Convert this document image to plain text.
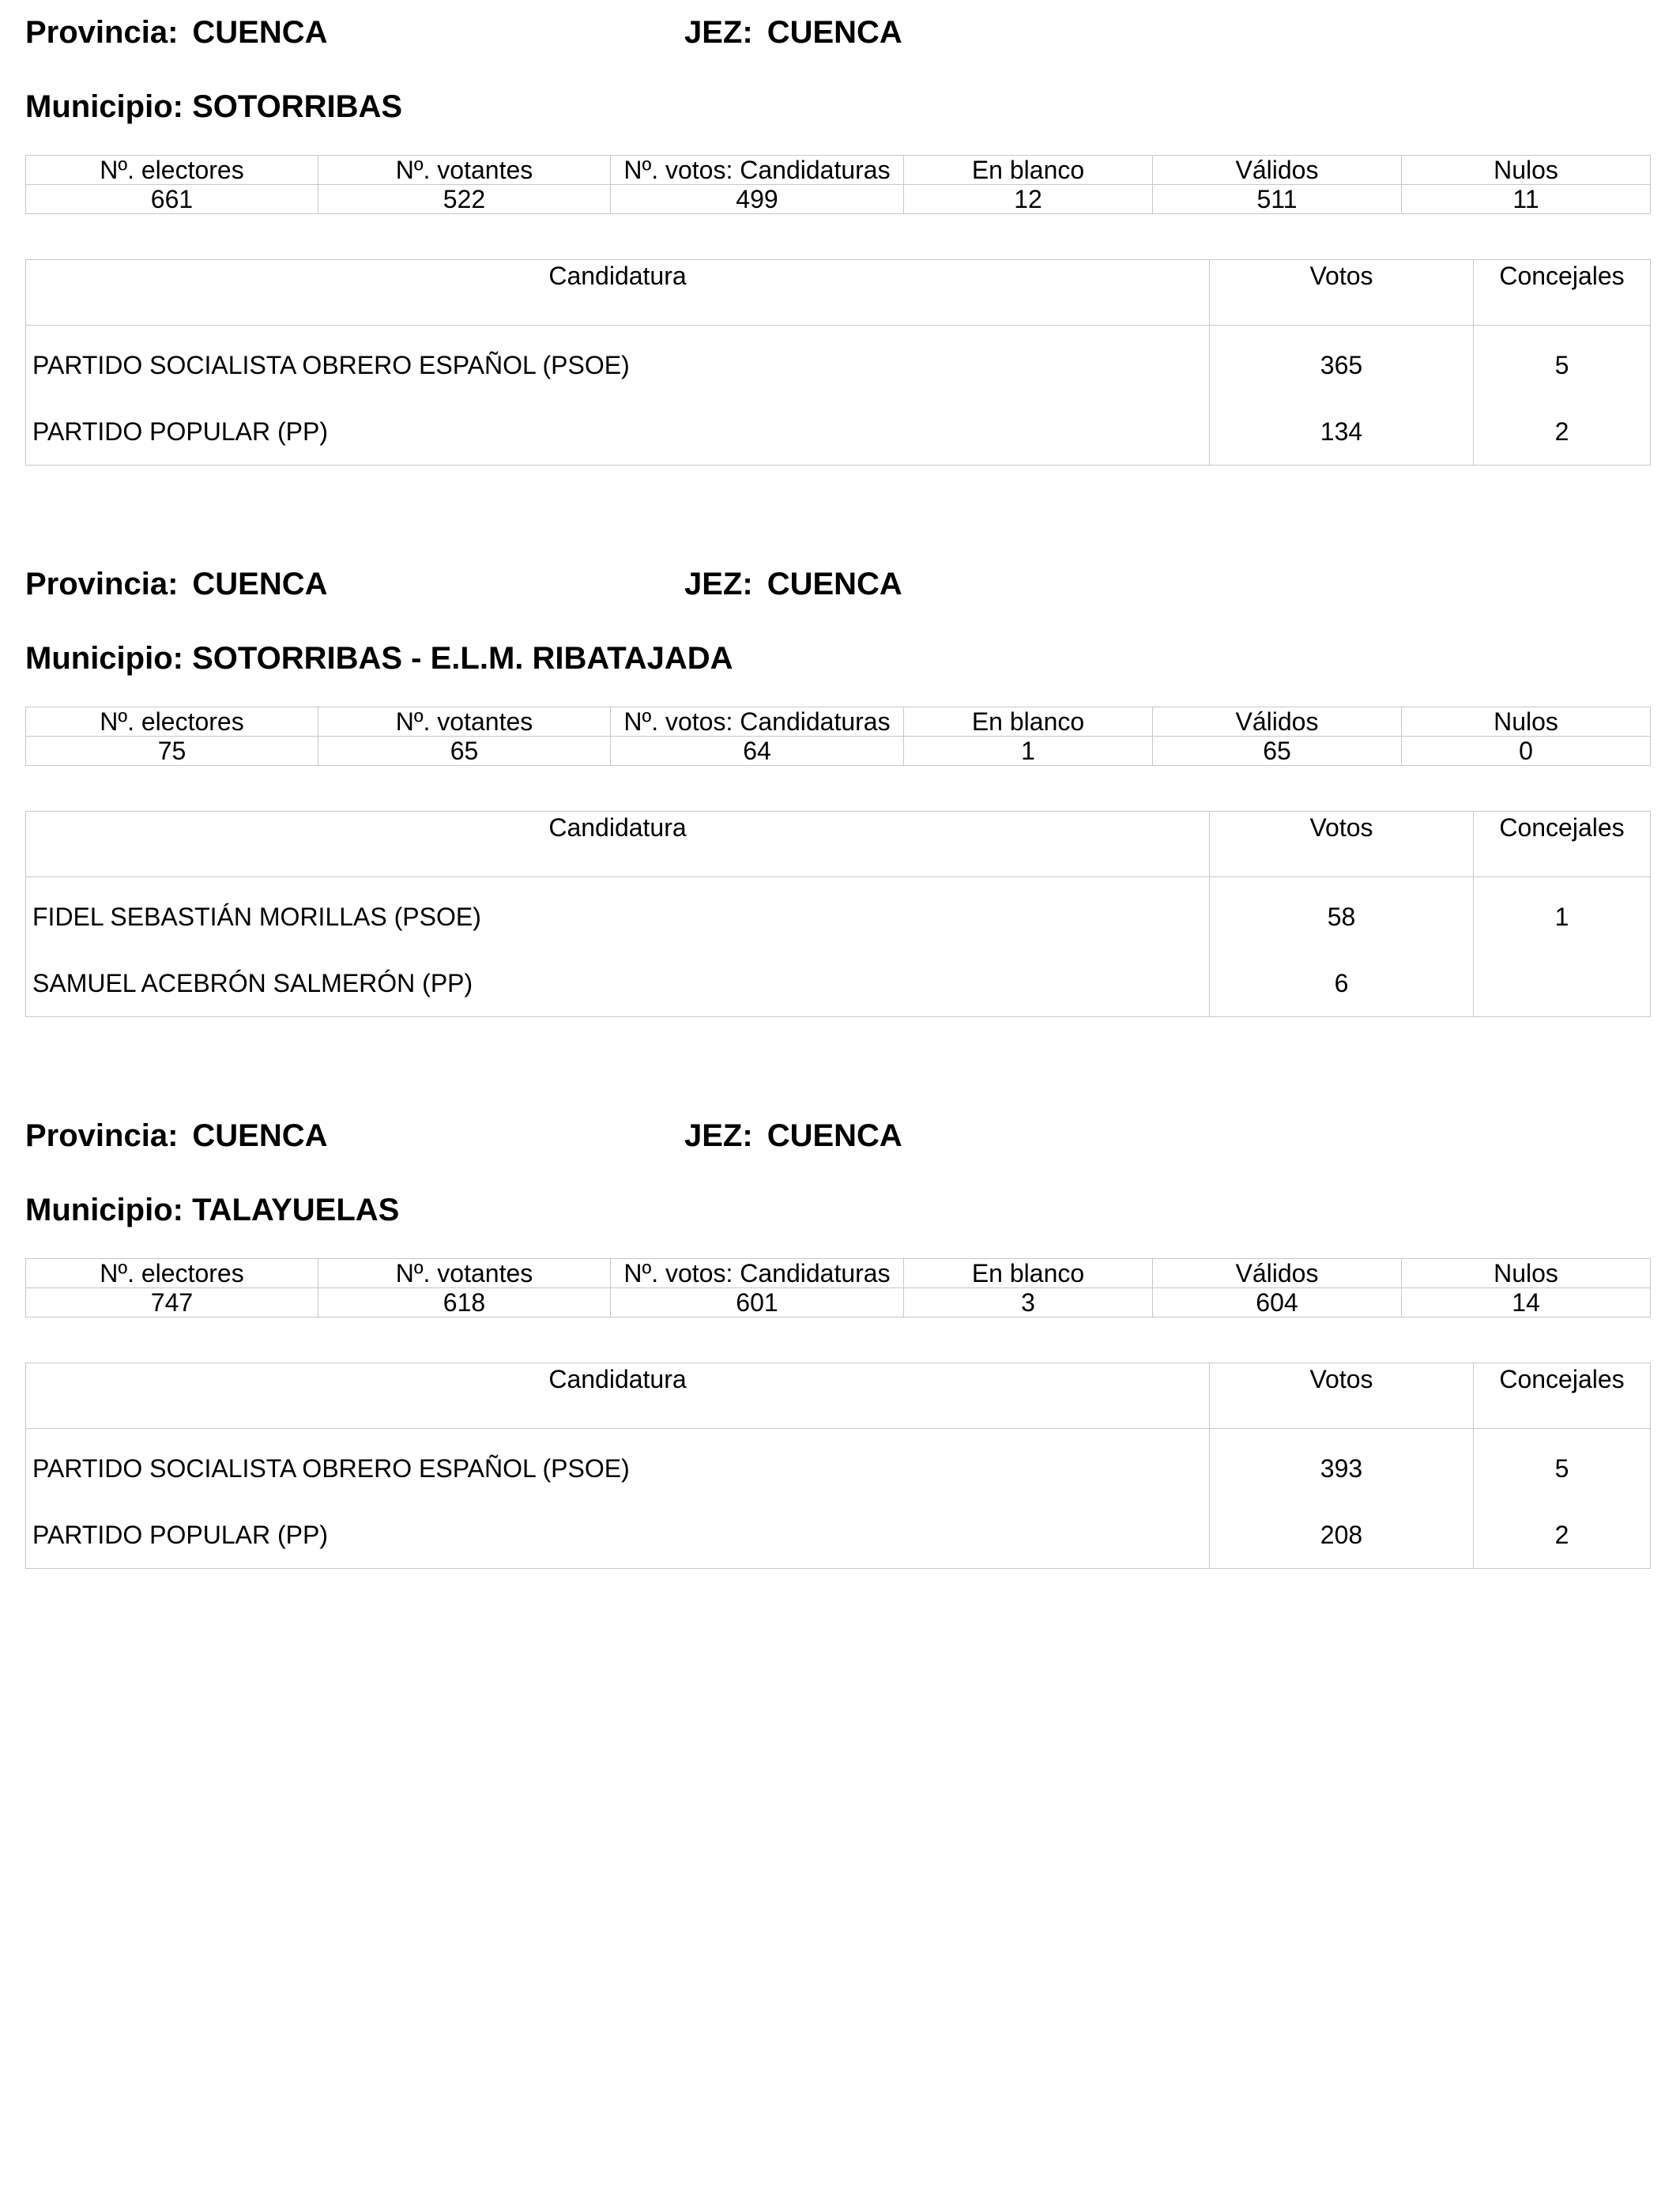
Provincia: CUENCA	JEZ: CUENCA
Municipio: SOTORRIBAS
Nº. electores	Nº. votantes	Nº. votos: Candidaturas	En blanco	Válidos	Nulos
661	522	499	12	511	11
Candidatura	Votos	Concejales
PARTIDO SOCIALISTA OBRERO ESPAÑOL (PSOE)	365	5
PARTIDO POPULAR (PP)	134	2
Provincia: CUENCA	JEZ: CUENCA
Municipio: SOTORRIBAS - E.L.M. RIBATAJADA
Nº. electores	Nº. votantes	Nº. votos: Candidaturas	En blanco	Válidos	Nulos
75	65	64	1	65	0
Candidatura	Votos	Concejales
FIDEL SEBASTIÁN MORILLAS (PSOE)	58	1
SAMUEL ACEBRÓN SALMERÓN (PP)	6	
Provincia: CUENCA	JEZ: CUENCA
Municipio: TALAYUELAS
Nº. electores	Nº. votantes	Nº. votos: Candidaturas	En blanco	Válidos	Nulos
747	618	601	3	604	14
Candidatura	Votos	Concejales
PARTIDO SOCIALISTA OBRERO ESPAÑOL (PSOE)	393	5
PARTIDO POPULAR (PP)	208	2
